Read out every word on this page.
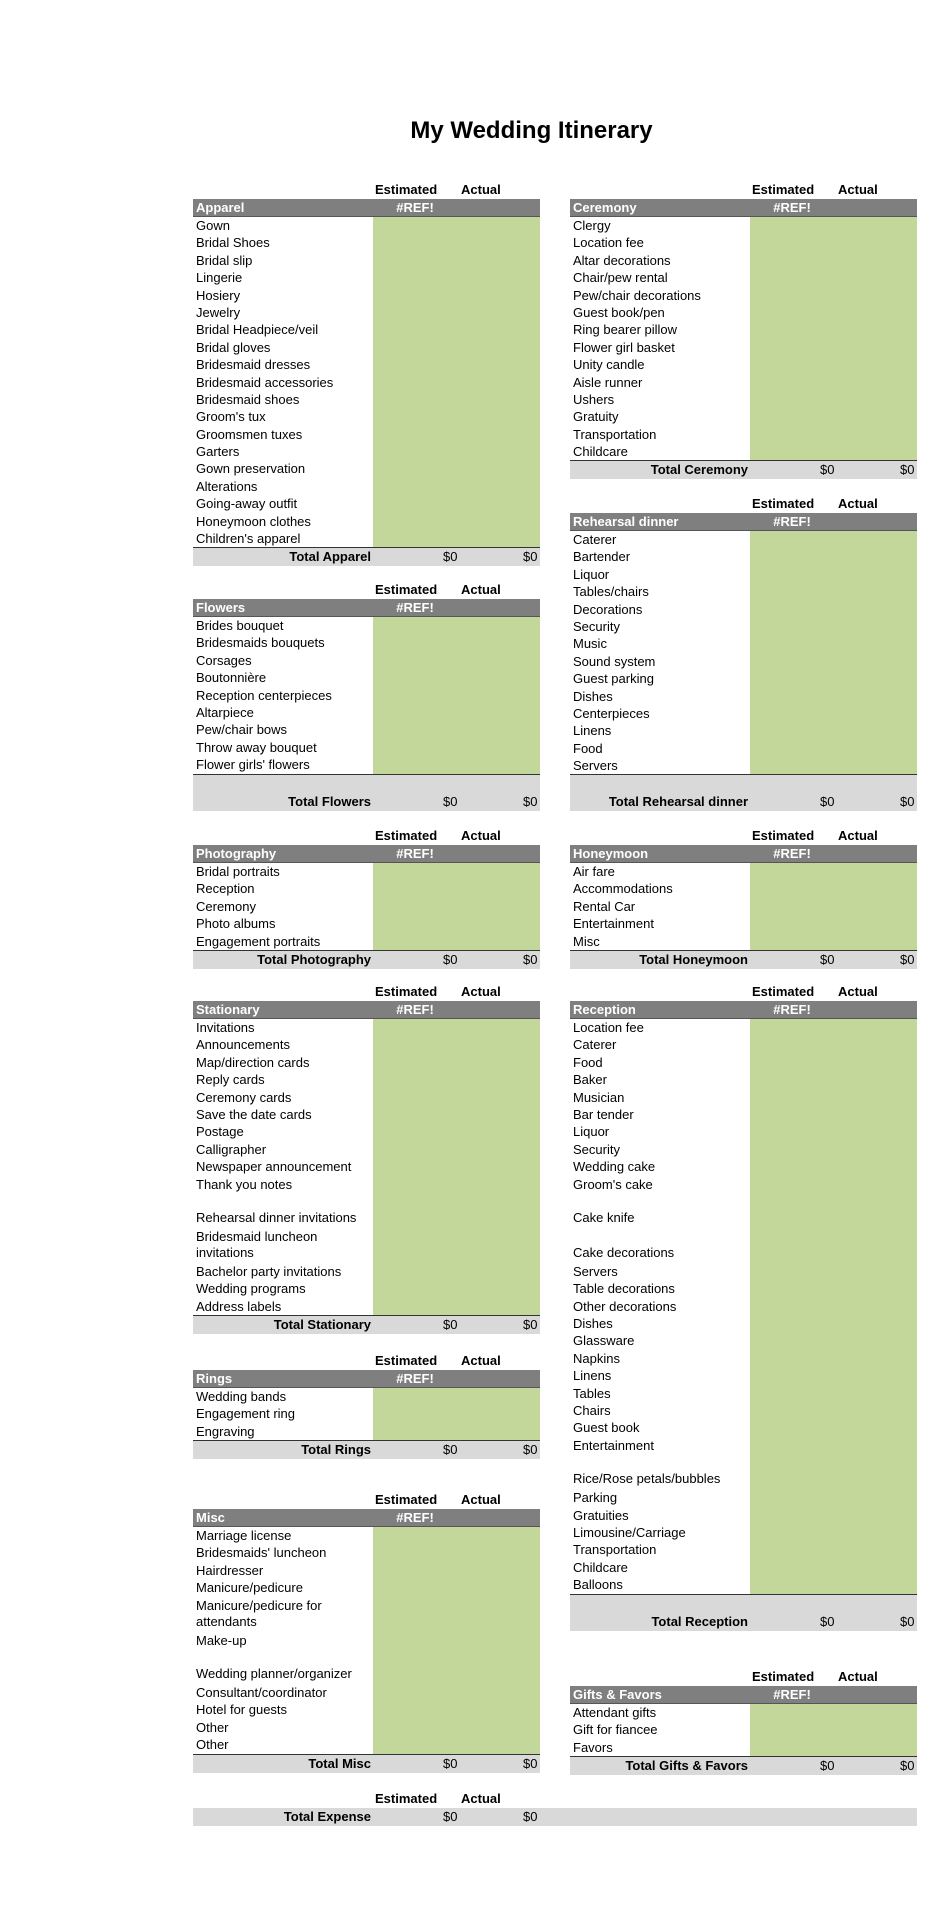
My Wedding Itinerary
Estimated Actual
Apparel	#REF!
Gown
Bridal Shoes
Bridal slip
Lingerie
Hosiery
Jewelry
Bridal Headpiece/veil
Bridal gloves
Bridesmaid dresses
Bridesmaid accessories
Bridesmaid shoes
Groom's tux
Groomsmen tuxes
Garters
Gown preservation
Alterations
Going-away outfit
Honeymoon clothes
Children's apparel
Total Apparel	$0	$0
Estimated Actual
Flowers	#REF!
Brides bouquet
Bridesmaids bouquets
Corsages
Boutonnière
Reception centerpieces
Altarpiece
Pew/chair bows
Throw away bouquet
Flower girls' flowers
Total Flowers	$0	$0
Estimated Actual
Photography	#REF!
Bridal portraits
Reception
Ceremony
Photo albums
Engagement portraits
Total Photography	$0	$0
Estimated Actual
Stationary	#REF!
Invitations
Announcements
Map/direction cards
Reply cards
Ceremony cards
Save the date cards
Postage
Calligrapher
Newspaper announcement
Thank you notes
Rehearsal dinner invitations
Bridesmaid luncheon invitations
Bachelor party invitations
Wedding programs
Address labels
Total Stationary	$0	$0
Estimated Actual
Rings	#REF!
Wedding bands
Engagement ring
Engraving
Total Rings	$0	$0
Estimated Actual
Misc	#REF!
Marriage license
Bridesmaids' luncheon
Hairdresser
Manicure/pedicure
Manicure/pedicure for attendants
Make-up
Wedding planner/organizer
Consultant/coordinator
Hotel for guests
Other
Other
Total Misc	$0	$0
Estimated Actual
Ceremony	#REF!
Clergy
Location fee
Altar decorations
Chair/pew rental
Pew/chair decorations
Guest book/pen
Ring bearer pillow
Flower girl basket
Unity candle
Aisle runner
Ushers
Gratuity
Transportation
Childcare
Total Ceremony	$0	$0
Estimated Actual
Rehearsal dinner	#REF!
Caterer
Bartender
Liquor
Tables/chairs
Decorations
Security
Music
Sound system
Guest parking
Dishes
Centerpieces
Linens
Food
Servers
Total Rehearsal dinner	$0	$0
Estimated Actual
Honeymoon	#REF!
Air fare
Accommodations
Rental Car
Entertainment
Misc
Total Honeymoon	$0	$0
Estimated Actual
Reception	#REF!
Location fee
Caterer
Food
Baker
Musician
Bar tender
Liquor
Security
Wedding cake
Groom's cake
Cake knife
Cake decorations
Servers
Table decorations
Other decorations
Dishes
Glassware
Napkins
Linens
Tables
Chairs
Guest book
Entertainment
Rice/Rose petals/bubbles
Parking
Gratuities
Limousine/Carriage
Transportation
Childcare
Balloons
Total Reception	$0	$0
Estimated Actual
Gifts & Favors	#REF!
Attendant gifts
Gift for fiancee
Favors
Total Gifts & Favors	$0	$0
Estimated Actual
Total Expense	$0	$0
